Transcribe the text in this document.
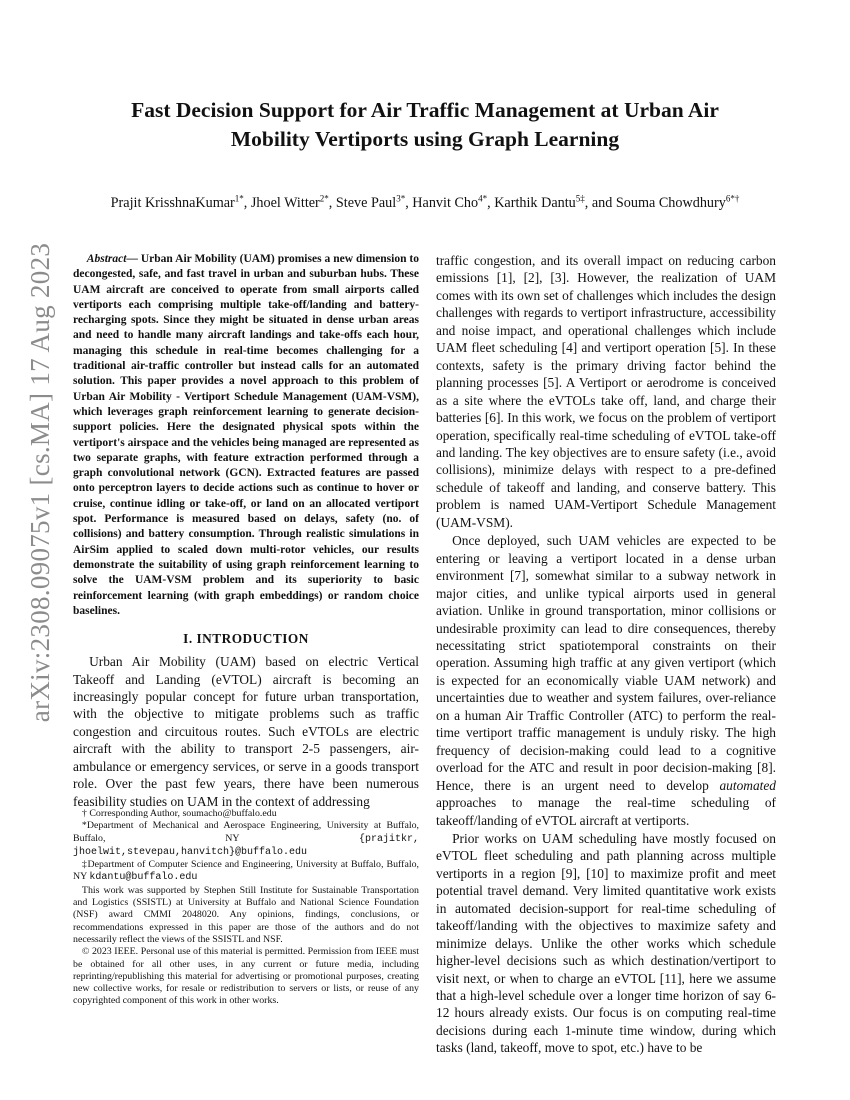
arXiv:2308.09075v1 [cs.MA] 17 Aug 2023
Fast Decision Support for Air Traffic Management at Urban Air Mobility Vertiports using Graph Learning

Prajit KrisshnaKumar$^{1*}$, Jhoel Witter$^{2*}$, Steve Paul$^{3*}$, Hanvit Cho$^{4*}$, Karthik Dantu$^{5\ddagger}$, and Souma Chowdhury$^{6*\dagger}$

Abstract— Urban Air Mobility (UAM) promises a new dimension to decongested, safe, and fast travel in urban and suburban hubs. These UAM aircraft are conceived to operate from small airports called vertiports each comprising multiple take-off/landing and battery-recharging spots. Since they might be situated in dense urban areas and need to handle many aircraft landings and take-offs each hour, managing this schedule in real-time becomes challenging for a traditional air-traffic controller but instead calls for an automated solution. This paper provides a novel approach to this problem of Urban Air Mobility - Vertiport Schedule Management (UAM-VSM), which leverages graph reinforcement learning to generate decision-support policies. Here the designated physical spots within the vertiport's airspace and the vehicles being managed are represented as two separate graphs, with feature extraction performed through a graph convolutional network (GCN). Extracted features are passed onto perceptron layers to decide actions such as continue to hover or cruise, continue idling or take-off, or land on an allocated vertiport spot. Performance is measured based on delays, safety (no. of collisions) and battery consumption. Through realistic simulations in AirSim applied to scaled down multi-rotor vehicles, our results demonstrate the suitability of using graph reinforcement learning to solve the UAM-VSM problem and its superiority to basic reinforcement learning (with graph embeddings) or random choice baselines.

I. INTRODUCTION

Urban Air Mobility (UAM) based on electric Vertical Takeoff and Landing (eVTOL) aircraft is becoming an increasingly popular concept for future urban transportation, with the objective to mitigate problems such as traffic congestion and circuitous routes. Such eVTOLs are electric aircraft with the ability to transport 2-5 passengers, air-ambulance or emergency services, or serve in a goods transport role. Over the past few years, there have been numerous feasibility studies on UAM in the context of addressing

† Corresponding Author, soumacho@buffalo.edu

*Department of Mechanical and Aerospace Engineering, University at Buffalo, Buffalo, NY {prajitkr, jhoelwit,stevepau,hanvitch}@buffalo.edu

‡Department of Computer Science and Engineering, University at Buffalo, Buffalo, NY kdantu@buffalo.edu

This work was supported by Stephen Still Institute for Sustainable Transportation and Logistics (SSISTL) at University at Buffalo and National Science Foundation (NSF) award CMMI 2048020. Any opinions, findings, conclusions, or recommendations expressed in this paper are those of the authors and do not necessarily reflect the views of the SSISTL and NSF.

© 2023 IEEE. Personal use of this material is permitted. Permission from IEEE must be obtained for all other uses, in any current or future media, including reprinting/republishing this material for advertising or promotional purposes, creating new collective works, for resale or redistribution to servers or lists, or reuse of any copyrighted component of this work in other works.

traffic congestion, and its overall impact on reducing carbon emissions [1], [2], [3]. However, the realization of UAM comes with its own set of challenges which includes the design challenges with regards to vertiport infrastructure, accessibility and noise impact, and operational challenges which include UAM fleet scheduling [4] and vertiport operation [5]. In these contexts, safety is the primary driving factor behind the planning processes [5]. A Vertiport or aerodrome is conceived as a site where the eVTOLs take off, land, and charge their batteries [6]. In this work, we focus on the problem of vertiport operation, specifically real-time scheduling of eVTOL take-off and landing. The key objectives are to ensure safety (i.e., avoid collisions), minimize delays with respect to a pre-defined schedule of takeoff and landing, and conserve battery. This problem is named UAM-Vertiport Schedule Management (UAM-VSM).

Once deployed, such UAM vehicles are expected to be entering or leaving a vertiport located in a dense urban environment [7], somewhat similar to a subway network in major cities, and unlike typical airports used in general aviation. Unlike in ground transportation, minor collisions or undesirable proximity can lead to dire consequences, thereby necessitating strict spatiotemporal constraints on their operation. Assuming high traffic at any given vertiport (which is expected for an economically viable UAM network) and uncertainties due to weather and system failures, over-reliance on a human Air Traffic Controller (ATC) to perform the real-time vertiport traffic management is unduly risky. The high frequency of decision-making could lead to a cognitive overload for the ATC and result in poor decision-making [8]. Hence, there is an urgent need to develop automated approaches to manage the real-time scheduling of takeoff/landing of eVTOL aircraft at vertiports.

Prior works on UAM scheduling have mostly focused on eVTOL fleet scheduling and path planning across multiple vertiports in a region [9], [10] to maximize profit and meet potential travel demand. Very limited quantitative work exists in automated decision-support for real-time scheduling of takeoff/landing with the objectives to maximize safety and minimize delays. Unlike the other works which schedule higher-level decisions such as which destination/vertiport to visit next, or when to charge an eVTOL [11], here we assume that a high-level schedule over a longer time horizon of say 6-12 hours already exists. Our focus is on computing real-time decisions during each 1-minute time window, during which tasks (land, takeoff, move to spot, etc.) have to be
